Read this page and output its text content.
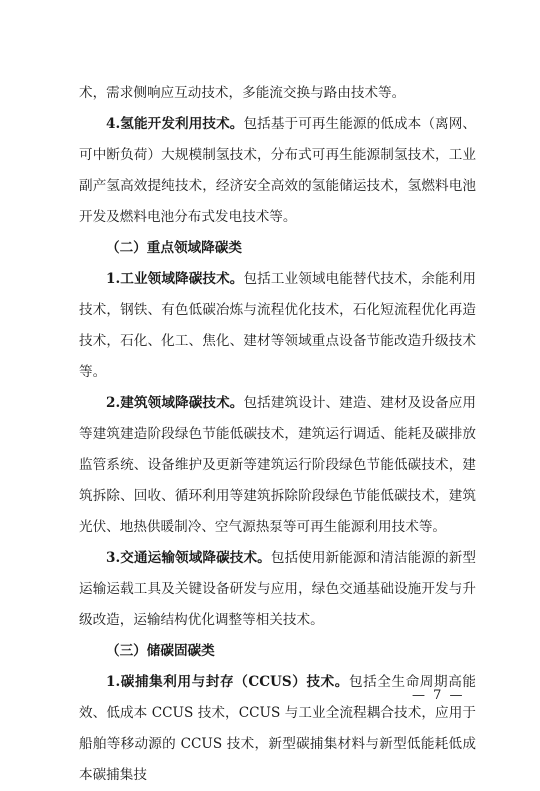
术，需求侧响应互动技术，多能流交换与路由技术等。

4.氢能开发利用技术。包括基于可再生能源的低成本（离网、可中断负荷）大规模制氢技术，分布式可再生能源制氢技术，工业副产氢高效提纯技术，经济安全高效的氢能储运技术，氢燃料电池开发及燃料电池分布式发电技术等。

（二）重点领域降碳类

1.工业领域降碳技术。包括工业领域电能替代技术，余能利用技术，钢铁、有色低碳冶炼与流程优化技术，石化短流程优化再造技术，石化、化工、焦化、建材等领域重点设备节能改造升级技术等。

2.建筑领域降碳技术。包括建筑设计、建造、建材及设备应用等建筑建造阶段绿色节能低碳技术，建筑运行调适、能耗及碳排放监管系统、设备维护及更新等建筑运行阶段绿色节能低碳技术，建筑拆除、回收、循环利用等建筑拆除阶段绿色节能低碳技术，建筑光伏、地热供暖制冷、空气源热泵等可再生能源利用技术等。

3.交通运输领域降碳技术。包括使用新能源和清洁能源的新型运输运载工具及关键设备研发与应用，绿色交通基础设施开发与升级改造，运输结构优化调整等相关技术。

（三）储碳固碳类

1.碳捕集利用与封存（CCUS）技术。包括全生命周期高能效、低成本 CCUS 技术，CCUS 与工业全流程耦合技术，应用于船舶等移动源的 CCUS 技术，新型碳捕集材料与新型低能耗低成本碳捕集技

— 7 —
